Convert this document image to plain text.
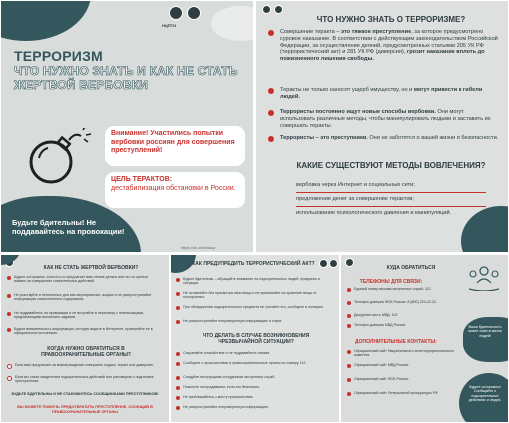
НЦПТИ
ТЕРРОРИЗМ
ЧТО НУЖНО ЗНАТЬ И КАК НЕ СТАТЬ ЖЕРТВОЙ ВЕРБОВКИ
Внимание! Участились попытки вербовки россиян для совершения преступлений!
ЦЕЛЬ ТЕРАКТОВ:
дестабилизация обстановки в России.
Будьте бдительны! Не поддавайтесь на провокации!
https://vk.com/nacp
ЧТО НУЖНО ЗНАТЬ О ТЕРРОРИЗМЕ?
Совершение теракта – это тяжкое преступление, за которое предусмотрено суровое наказание. В соответствии с действующим законодательством Российской Федерации, за осуществление деяний, предусмотренных статьями 205 УК РФ (террористический акт) и 281 УК РФ (диверсия), грозит наказание вплоть до пожизненного лишения свободы.
Теракты не только наносят ущерб имуществу, но и могут привести к гибели людей.
Террористы постоянно ищут новые способы вербовки. Они могут использовать различные методы, чтобы манипулировать людьми и заставить их совершать теракты.
Террористы – это преступники. Они не заботятся о вашей жизни и безопасности.
КАКИЕ СУЩЕСТВУЮТ МЕТОДЫ ВОВЛЕЧЕНИЯ?
вербовка через Интернет и социальные сети;
предложение денег за совершение терактов;
использование психологического давления и манипуляций.
КАК НЕ СТАТЬ ЖЕРТВОЙ ВЕРБОВКИ?
Будьте осторожны, если кто-то предлагает вам легкие деньги или что-то ценное взамен за совершение сомнительных действий.
Не участвуйте в непонятных для вас мероприятиях, акциях и не распространяйте информацию сомнительного содержания.
Не поддавайтесь на провокации и не вступайте в переписку с незнакомцами, предлагающими выполнить задания.
Будьте внимательны к информации, которую видите в Интернете, проверяйте ее в официальных источниках.
КОГДА НУЖНО ОБРАТИТЬСЯ В ПРАВООХРАНИТЕЛЬНЫЕ ОРГАНЫ?
Если вам предлагают за вознаграждение совершить поджог, теракт или диверсию.
Если вы стали свидетелем подозрительных действий или разговоров о подготовке преступления.
БУДЬТЕ БДИТЕЛЬНЫ И НЕ СТАНОВИТЕСЬ СООБЩНИКАМИ ПРЕСТУПНИКОВ!
ВЫ МОЖЕТЕ ПОМОЧЬ ПРЕДОТВРАТИТЬ ПРЕСТУПЛЕНИЕ, СООБЩИВ В ПРАВООХРАНИТЕЛЬНЫЕ ОРГАНЫ
КАК ПРЕДУПРЕДИТЬ ТЕРРОРИСТИЧЕСКИЙ АКТ?
Будьте бдительны – обращайте внимание на подозрительных людей, предметы и ситуации.
Не оставляйте без присмотра свои вещи и не принимайте на хранение вещи от посторонних.
При обнаружении подозрительного предмета не трогайте его, сообщите в полицию.
Не распространяйте непроверенную информацию и слухи.
ЧТО ДЕЛАТЬ В СЛУЧАЕ ВОЗНИКНОВЕНИЯ ЧРЕЗВЫЧАЙНОЙ СИТУАЦИИ?
Сохраняйте спокойствие и не поддавайтесь панике.
Сообщите о происшествии в правоохранительные органы по номеру 112.
Следуйте инструкциям сотрудников экстренных служб.
Помогите пострадавшим, если это безопасно.
Не приближайтесь к месту происшествия.
Не распространяйте непроверенную информацию.
КУДА ОБРАТИТЬСЯ
ТЕЛЕФОНЫ ДЛЯ СВЯЗИ:
Единый номер вызова экстренных служб: 112
Телефон доверия ФСБ России: 8 (800) 224-22-22
Дежурная часть МВД: 102
Телефон доверия МВД России
ДОПОЛНИТЕЛЬНЫЕ КОНТАКТЫ:
Официальный сайт Национального антитеррористического комитета
Официальный сайт МВД России
Официальный сайт ФСБ России
Официальный сайт Генеральной прокуратуры РФ
Ваша бдительность может спасти жизни людей!
Будьте осторожны! Сообщайте о подозрительных действиях и людях.
